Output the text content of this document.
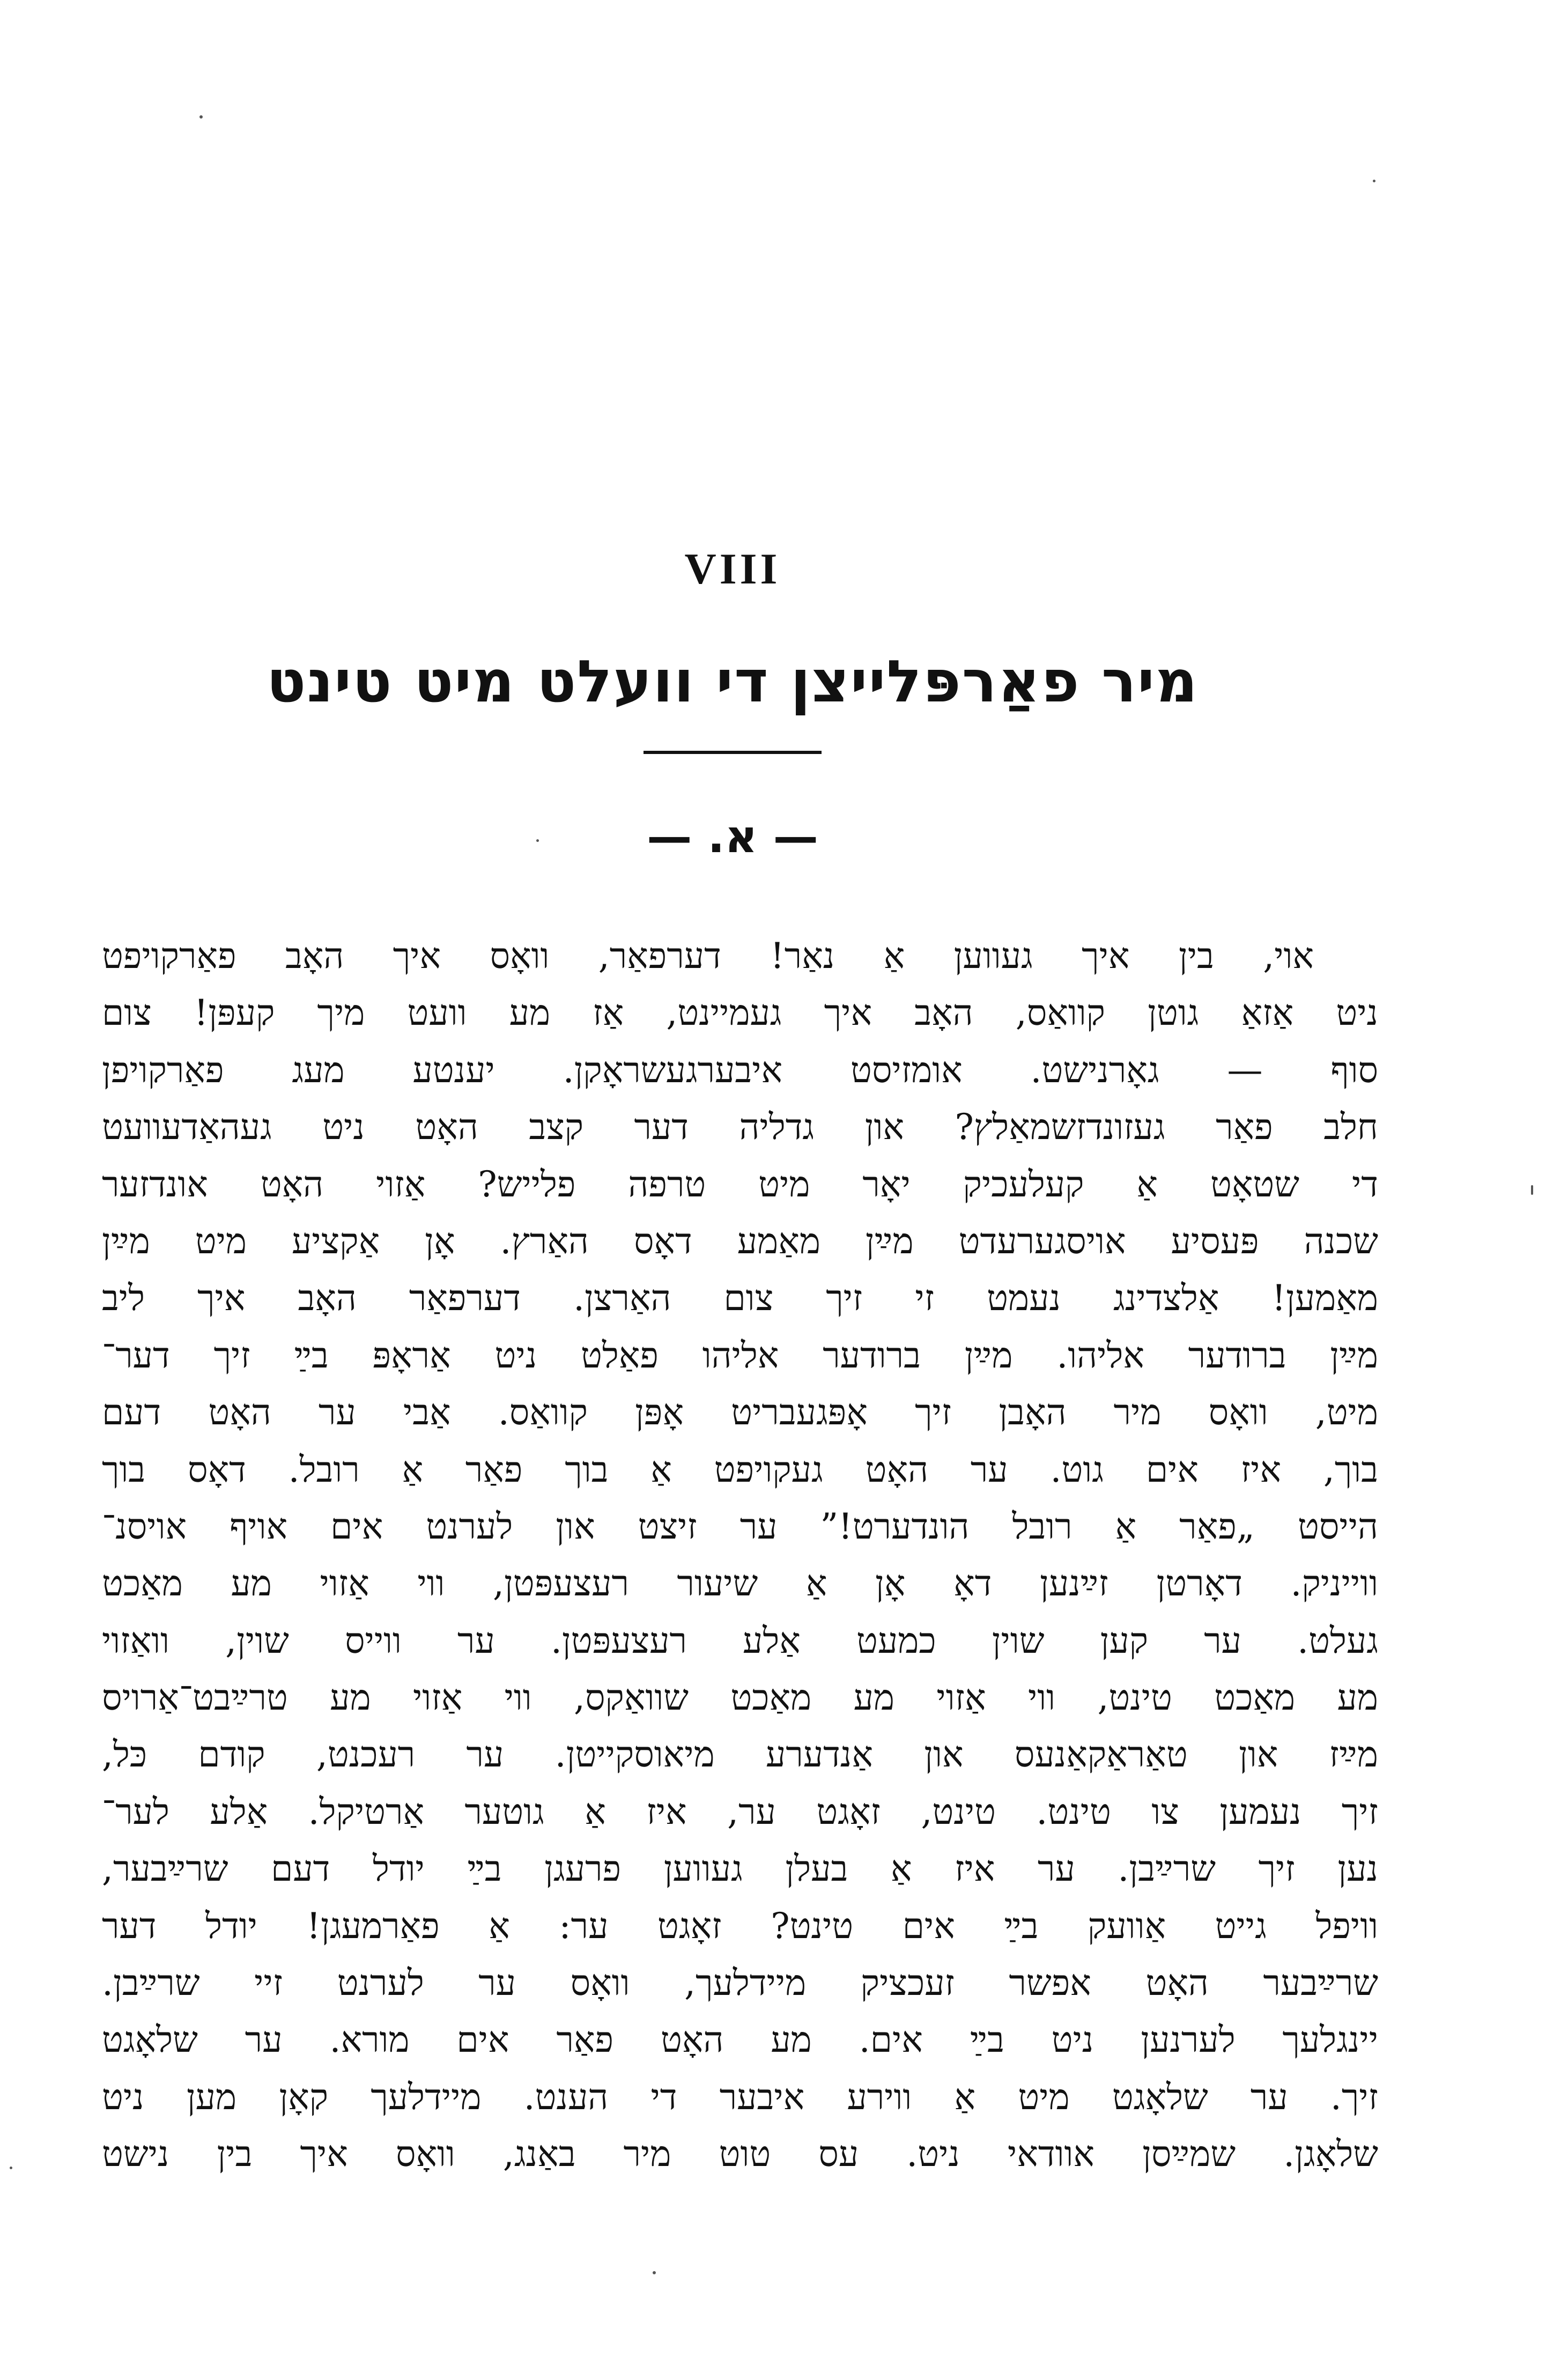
VIII
מיר פאַרפּלייצן די וועלט מיט טינט
— א. —
אוי, בין איך געווען אַ נאַר! דערפאַר, וואָס איך האָב פאַרקויפט
ניט אַזאַ גוטן קוואַס, האָב איך געמיינט, אַז מע וועט מיך קעפּן! צום
סוף — גאָרנישט. אומזיסט איבערגעשראָקן. יענטע מעג פאַרקויפן
חלב פאַר געזונדזשמאַלץ? און גדליה דער קצב האָט ניט געהאַדעוועט
די שטאָט אַ קעלעכיק יאָר מיט טרפה פלייש? אַזוי האָט אונדזער
שכנה פּעסיע אויסגערעדט מײַן מאַמע דאָס האַרץ. אָן אַקציע מיט מײַן
מאַמען! אַלצדינג נעמט זי זיך צום האַרצן. דערפאַר האָב איך ליב
מײַן ברודער אליהו. מײַן ברודער אליהו פאַלט ניט אַראָפּ בײַ זיך דער־
מיט, וואָס מיר האָבן זיך אָפּגעבריט אָפּן קוואַס. אַבי ער האָט דעם
בוך, איז אים גוט. ער האָט געקויפט אַ בוך פאַר אַ רובל. דאָס בוך
הייסט „פאַר אַ רובל הונדערט!” ער זיצט און לערנט אים אויף אויסנ־
ווייניק. דאָרטן זײַנען דאָ אָן אַ שיעור רעצעפּטן, ווי אַזוי מע מאַכט
געלט. ער קען שוין כמעט אַלע רעצעפּטן. ער ווייס שוין, וואַזוי
מע מאַכט טינט, ווי אַזוי מע מאַכט שוואַקס, ווי אַזוי מע טרײַבט־אַרויס
מײַז און טאַראַקאַנעס און אַנדערע מיאוסקייטן. ער רעכנט, קודם כּל,
זיך נעמען צו טינט. טינט, זאָגט ער, איז אַ גוטער אַרטיקל. אַלע לער־
נען זיך שרײַבן. ער איז אַ בעלן געווען פרעגן בײַ יודל דעם שרײַבער,
וויפל גייט אַוועק בײַ אים טינט? זאָגט ער: אַ פאַרמעגן! יודל דער
שרײַבער האָט אפשר זעכציק מיידלעך, וואָס ער לערנט זיי שרײַבן.
יינגלעך לערנען ניט בײַ אים. מע האָט פאַר אים מורא. ער שלאָגט
זיך. ער שלאָגט מיט אַ ווירע איבער די הענט. מיידלעך קאָן מען ניט
שלאָגן. שמײַסן אוודאי ניט. עס טוט מיר באַנג, וואָס איך בין נישט
